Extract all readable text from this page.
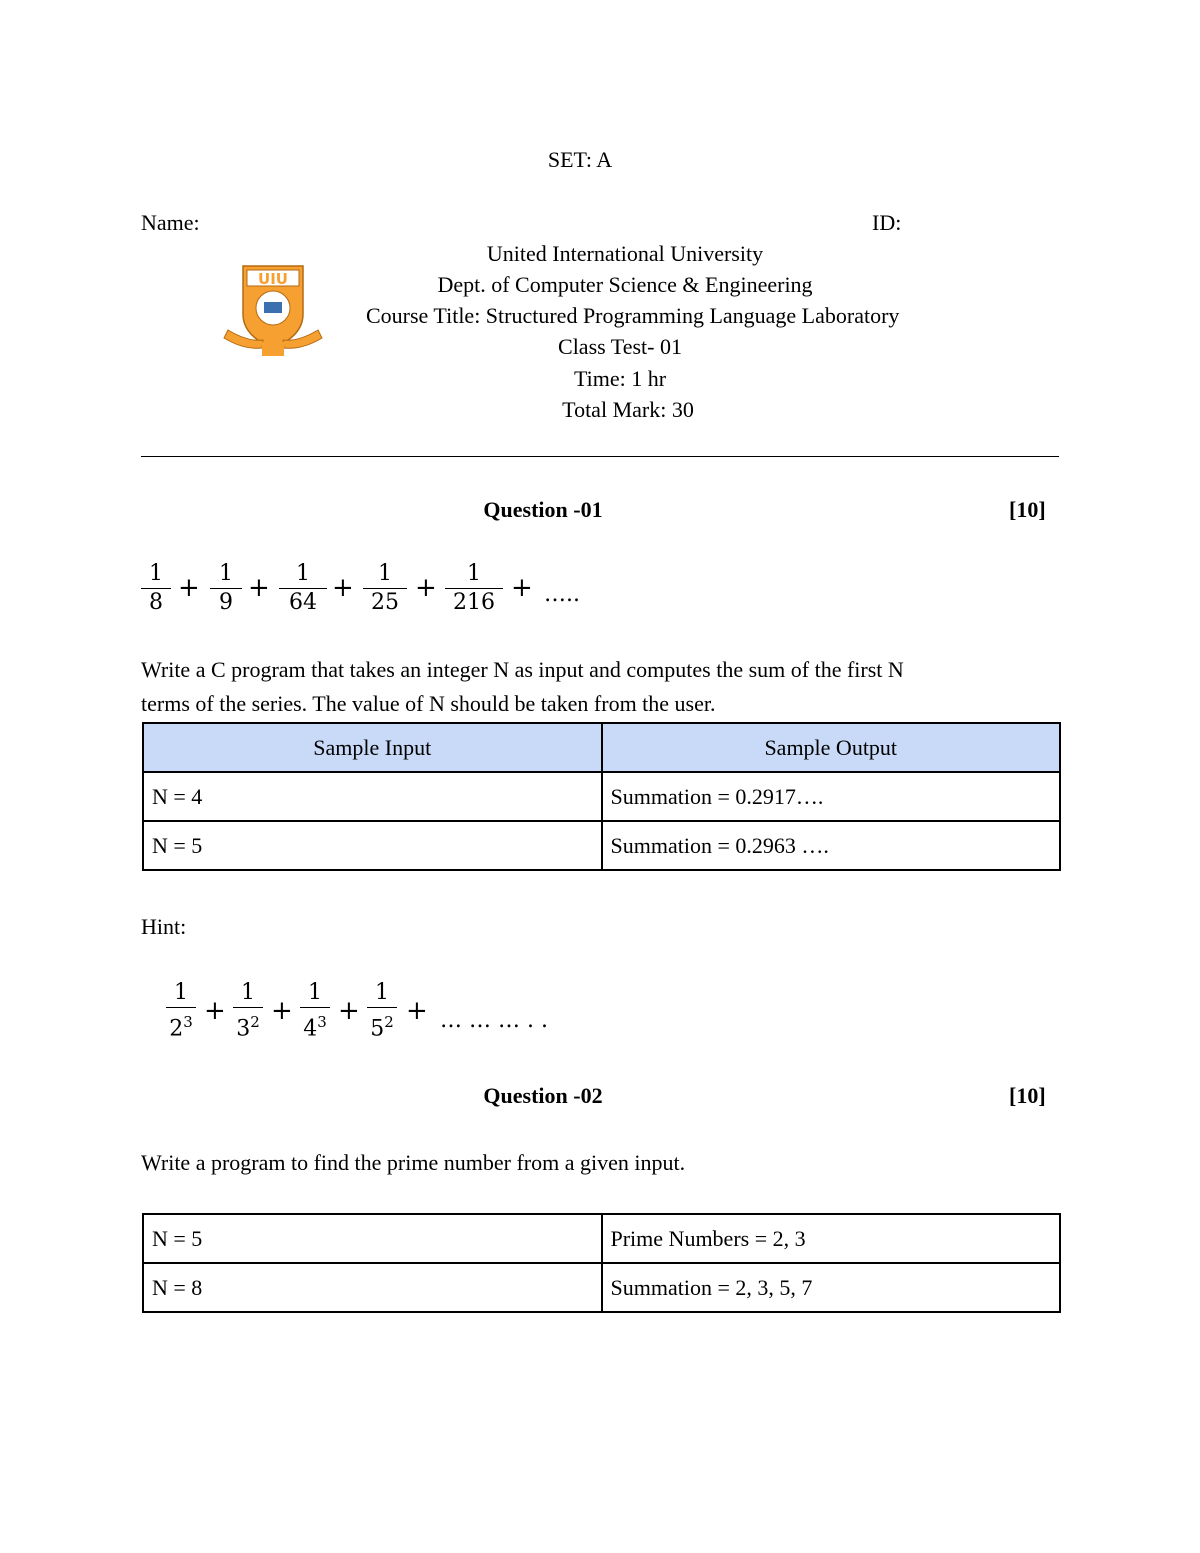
SET: A
Name:	ID:
UIU
United International University
Dept. of Computer Science & Engineering
Course Title: Structured Programming Language Laboratory
Class Test- 01
Time: 1 hr
Total Mark: 30
Question -01	[10]
1
8 + 1
9 +	1
64 +	1
25 +	1
216 + …..
Write a C program that takes an integer N as input and computes the sum of the first N
terms of the series. The value of N should be taken from the user.
Sample Input	Sample Output
N = 4	Summation = 0.2917….
N = 5	Summation = 0.2963 ….
Hint:
1
$2^3$ +
1
$3^2$ +
1
$4^3$ +
1
$5^2$ + … … … . .
Question -02	[10]
Write a program to find the prime number from a given input.
N = 5	Prime Numbers = 2, 3
N = 8	Summation = 2, 3, 5, 7
